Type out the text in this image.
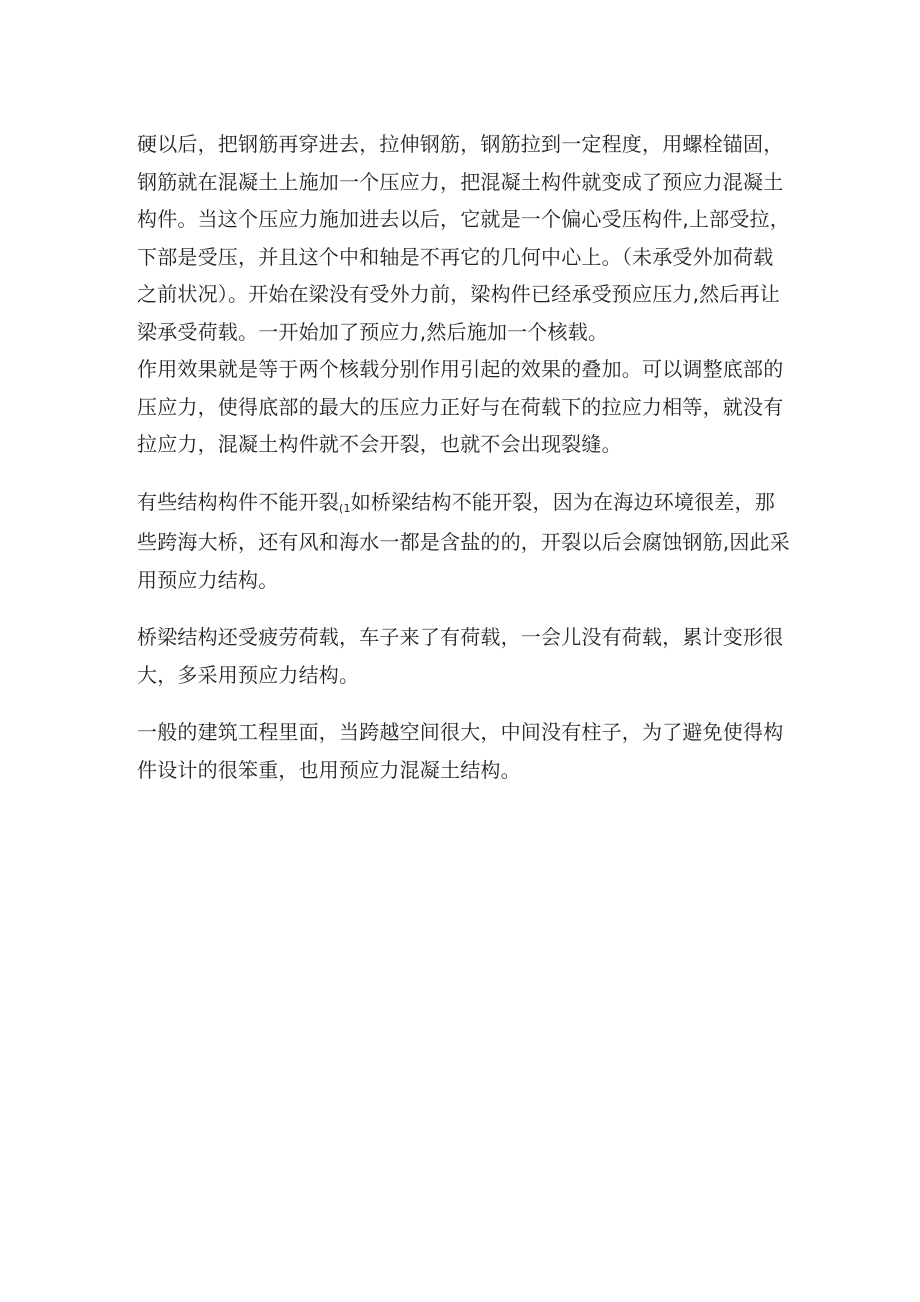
硬以后，把钢筋再穿进去，拉伸钢筋，钢筋拉到一定程度，用螺栓锚固，钢筋就在混凝土上施加一个压应力，把混凝土构件就变成了预应力混凝土构件。当这个压应力施加进去以后，它就是一个偏心受压构件,上部受拉，下部是受压，并且这个中和轴是不再它的几何中心上。（未承受外加荷载之前状况）。开始在梁没有受外力前，梁构件已经承受预应压力,然后再让梁承受荷载。一开始加了预应力,然后施加一个核载。

作用效果就是等于两个核载分别作用引起的效果的叠加。可以调整底部的压应力，使得底部的最大的压应力正好与在荷载下的拉应力相等，就没有拉应力，混凝土构件就不会开裂，也就不会出现裂缝。

有些结构构件不能开裂(1如桥梁结构不能开裂，因为在海边环境很差，那些跨海大桥，还有风和海水一都是含盐的的，开裂以后会腐蚀钢筋,因此采用预应力结构。

桥梁结构还受疲劳荷载，车子来了有荷载，一会儿没有荷载，累计变形很大，多采用预应力结构。

一般的建筑工程里面，当跨越空间很大，中间没有柱子，为了避免使得构件设计的很笨重，也用预应力混凝土结构。
